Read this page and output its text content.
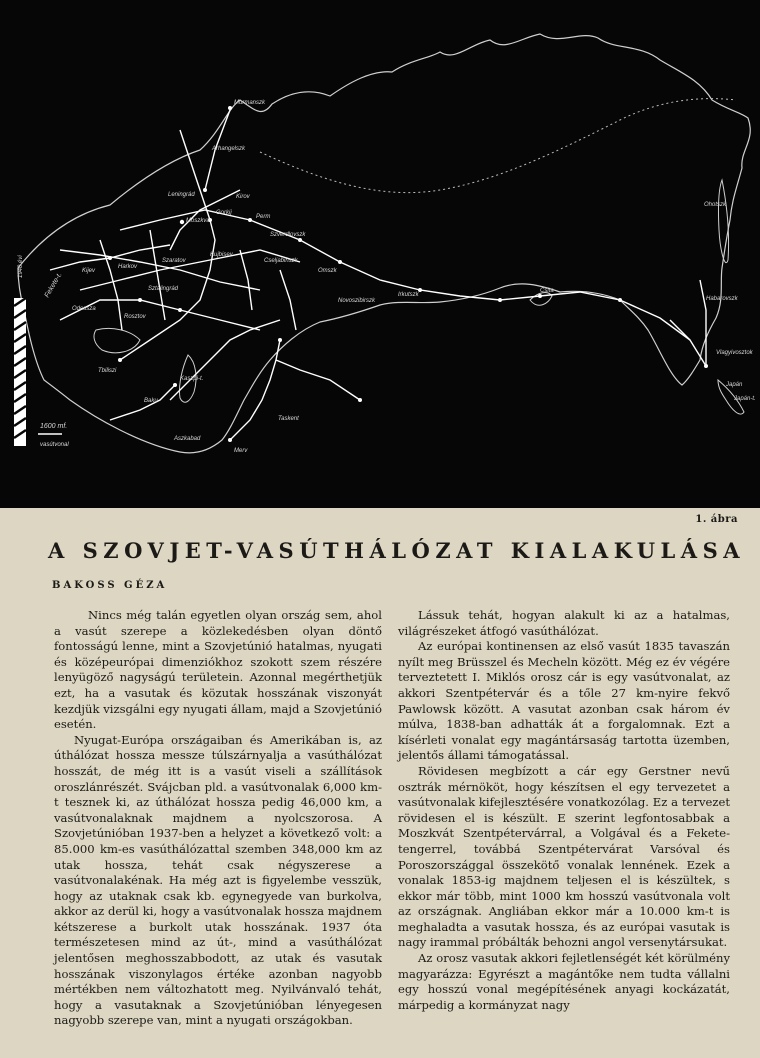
Murmanszk
Arhangelszk
Leningrád
Moszkva
Gorkij
Kirov
Perm
Szverdlovszk
Cseljabinszk
Kujbisev
Szaratov
Sztálingrád
Kijev
Harkov
Odessza
Rosztov
Tbiliszi
Baku
Aszkabad
Merv
Taskent
Omszk
Novoszibirszk
Irkutszk
Csita
Habarovszk
Vlagyivosztok
Ohotszk
Japán
Japán-t.
Kaszpi-t.
Fekete-t.
1940 évi
1600 mf.
vasútvonal
1. ábra
A SZOVJET-VASÚTHÁLÓZAT KIALAKULÁSA
BAKOSS GÉZA

Nincs még talán egyetlen olyan ország sem, ahol a vasút szerepe a közlekedésben olyan döntő fontosságú lenne, mint a Szovjetúnió hatalmas, nyugati és középeurópai dimenziókhoz szokott szem részére lenyügöző nagyságú területein. Azonnal megérthetjük ezt, ha a vasutak és közutak hosszának viszonyát kezdjük vizsgálni egy nyugati állam, majd a Szovjetúnió esetén.

Nyugat-Európa országaiban és Amerikában is, az úthálózat hossza messze túlszárnyalja a vasúthálózat hosszát, de még itt is a vasút viseli a szállítások oroszlánrészét. Svájcban pld. a vasútvonalak 6,000 km-t tesznek ki, az úthálózat hossza pedig 46,000 km, a vasútvonalaknak majdnem a nyolcszorosa. A Szovjetúnióban 1937-ben a helyzet a következő volt: a 85.000 km-es vasúthálózattal szemben 348,000 km az utak hossza, tehát csak négyszerese a vasútvonalakénak. Ha még azt is figyelembe vesszük, hogy az utaknak csak kb. egynegyede van burkolva, akkor az derül ki, hogy a vasútvonalak hossza majdnem kétszerese a burkolt utak hosszának. 1937 óta természetesen mind az út-, mind a vasúthálózat jelentősen meghosszabbodott, az utak és vasutak hosszának viszonylagos értéke azonban nagyobb mértékben nem változhatott meg. Nyilvánvaló tehát, hogy a vasutaknak a Szovjetúnióban lényegesen nagyobb szerepe van, mint a nyugati országokban.

Lássuk tehát, hogyan alakult ki az a hatalmas, világrészeket átfogó vasúthálózat.

Az európai kontinensen az első vasút 1835 tavaszán nyílt meg Brüsszel és Mecheln között. Még ez év végére terveztetett I. Miklós orosz cár is egy vasútvonalat, az akkori Szentpétervár és a tőle 27 km-nyire fekvő Pawlowsk között. A vasutat azonban csak három év múlva, 1838-ban adhatták át a forgalomnak. Ezt a kísérleti vonalat egy magántársaság tartotta üzemben, jelentős állami támogatással.

Rövidesen megbízott a cár egy Gerstner nevű osztrák mérnököt, hogy készítsen el egy tervezetet a vasútvonalak kifejlesztésére vonatkozólag. Ez a tervezet rövidesen el is készült. E szerint legfontosabbak a Moszkvát Szentpétervárral, a Volgával és a Fekete-tengerrel, továbbá Szentpétervárat Varsóval és Poroszországgal összekötő vonalak lennének. Ezek a vonalak 1853-ig majdnem teljesen el is készültek, s ekkor már több, mint 1000 km hosszú vasútvonala volt az országnak. Angliában ekkor már a 10.000 km-t is meghaladta a vasutak hossza, és az európai vasutak is nagy irammal próbálták behozni angol versenytársukat.

Az orosz vasutak akkori fejletlenségét két körülmény magyarázza: Egyrészt a magántőke nem tudta vállalni egy hosszú vonal megépítésének anyagi kockázatát, márpedig a kormányzat nagy
